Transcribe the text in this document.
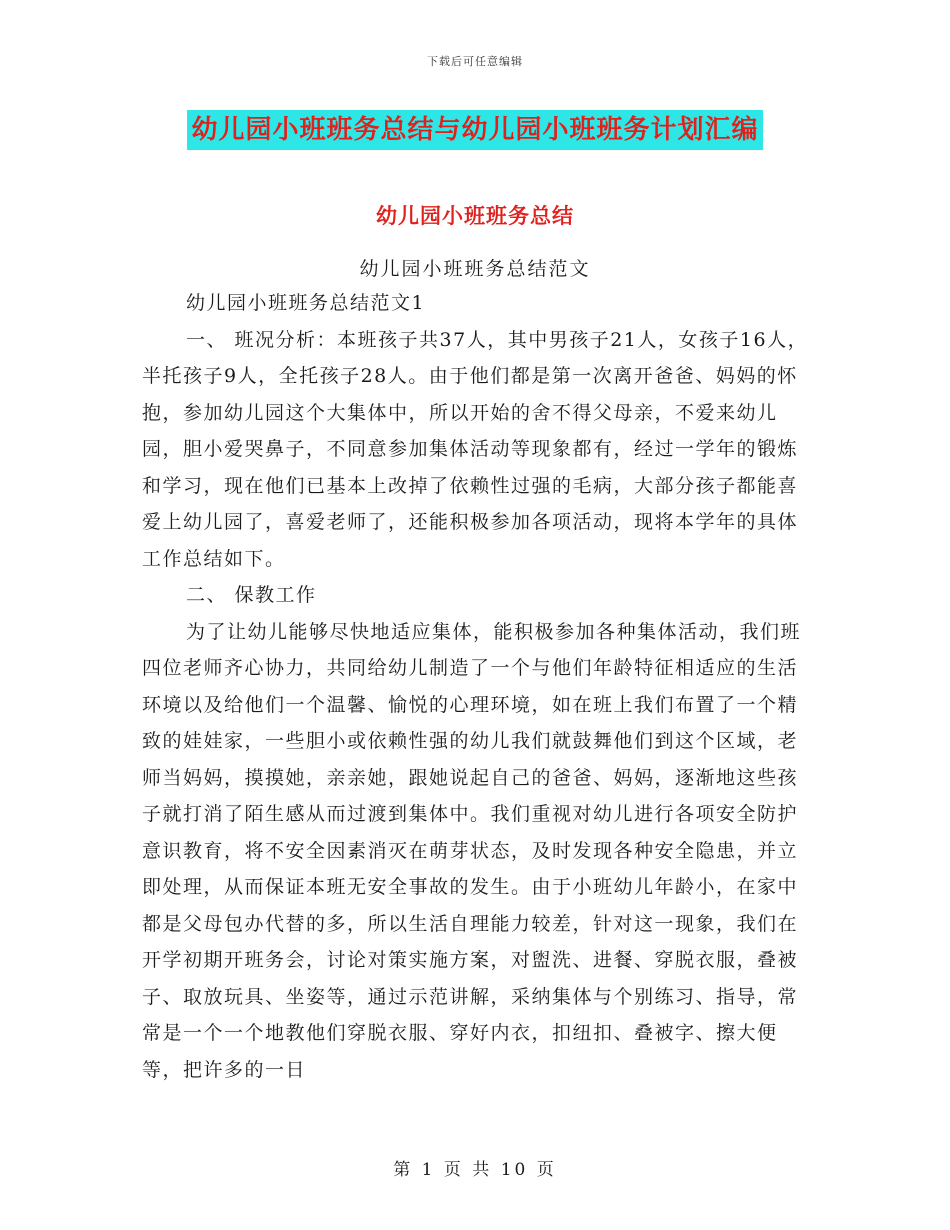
下载后可任意编辑
幼儿园小班班务总结与幼儿园小班班务计划汇编
幼儿园小班班务总结
幼儿园小班班务总结范文

幼儿园小班班务总结范文1

一、 班况分析：本班孩子共37人，其中男孩子21人，女孩子16人，半托孩子9人，全托孩子28人。由于他们都是第一次离开爸爸、妈妈的怀抱，参加幼儿园这个大集体中，所以开始的舍不得父母亲，不爱来幼儿园，胆小爱哭鼻子，不同意参加集体活动等现象都有，经过一学年的锻炼和学习，现在他们已基本上改掉了依赖性过强的毛病，大部分孩子都能喜爱上幼儿园了，喜爱老师了，还能积极参加各项活动，现将本学年的具体工作总结如下。

二、 保教工作

为了让幼儿能够尽快地适应集体，能积极参加各种集体活动，我们班四位老师齐心协力，共同给幼儿制造了一个与他们年龄特征相适应的生活环境以及给他们一个温馨、愉悦的心理环境，如在班上我们布置了一个精致的娃娃家，一些胆小或依赖性强的幼儿我们就鼓舞他们到这个区域，老师当妈妈，摸摸她，亲亲她，跟她说起自己的爸爸、妈妈，逐渐地这些孩子就打消了陌生感从而过渡到集体中。我们重视对幼儿进行各项安全防护意识教育，将不安全因素消灭在萌芽状态，及时发现各种安全隐患，并立即处理，从而保证本班无安全事故的发生。由于小班幼儿年龄小，在家中都是父母包办代替的多，所以生活自理能力较差，针对这一现象，我们在开学初期开班务会，讨论对策实施方案，对盥洗、进餐、穿脱衣服，叠被子、取放玩具、坐姿等，通过示范讲解，采纳集体与个别练习、指导，常常是一个一个地教他们穿脱衣服、穿好内衣，扣纽扣、叠被字、擦大便等，把许多的一日

第 1 页 共 10 页
